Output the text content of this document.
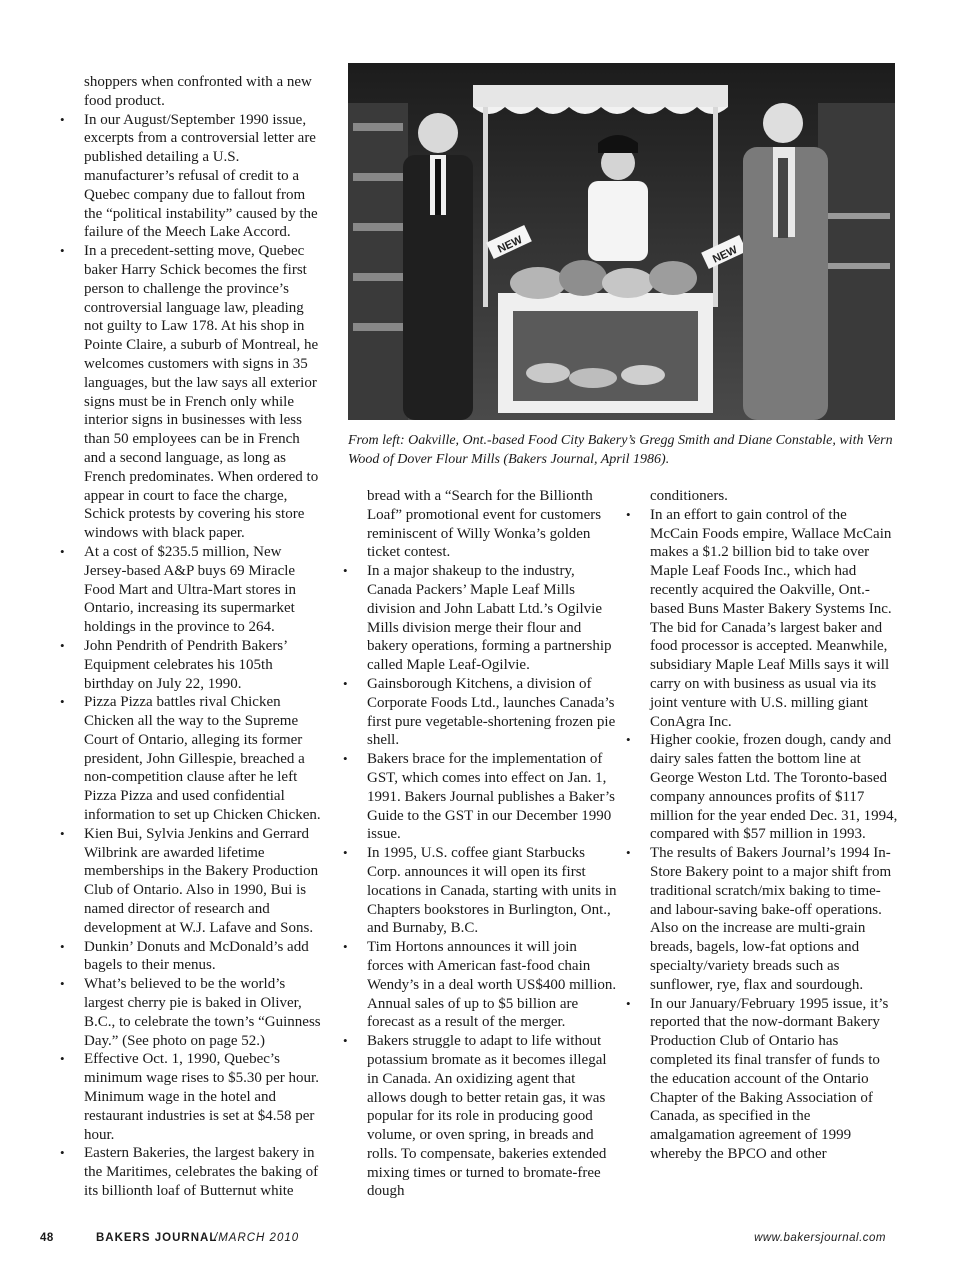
shoppers when confronted with a new food product.

• In our August/September 1990 issue, excerpts from a controversial letter are published detailing a U.S. manufacturer’s refusal of credit to a Quebec company due to fallout from the “political instability” caused by the failure of the Meech Lake Accord.
• In a precedent-setting move, Quebec baker Harry Schick becomes the first person to challenge the province’s controversial language law, pleading not guilty to Law 178. At his shop in Pointe Claire, a suburb of Montreal, he welcomes customers with signs in 35 languages, but the law says all exterior signs must be in French only while interior signs in businesses with less than 50 employees can be in French and a second language, as long as French predominates. When ordered to appear in court to face the charge, Schick protests by covering his store windows with black paper.
• At a cost of $235.5 million, New Jersey-based A&P buys 69 Miracle Food Mart and Ultra-Mart stores in Ontario, increasing its supermarket holdings in the province to 264.
• John Pendrith of Pendrith Bakers’ Equipment celebrates his 105th birthday on July 22, 1990.
• Pizza Pizza battles rival Chicken Chicken all the way to the Supreme Court of Ontario, alleging its former president, John Gillespie, breached a non-competition clause after he left Pizza Pizza and used confidential information to set up Chicken Chicken.
• Kien Bui, Sylvia Jenkins and Gerrard Wilbrink are awarded lifetime memberships in the Bakery Production Club of Ontario. Also in 1990, Bui is named director of research and development at W.J. Lafave and Sons.
• Dunkin’ Donuts and McDonald’s add bagels to their menus.
• What’s believed to be the world’s largest cherry pie is baked in Oliver, B.C., to celebrate the town’s “Guinness Day.” (See photo on page 52.)
• Effective Oct. 1, 1990, Quebec’s minimum wage rises to $5.30 per hour. Minimum wage in the hotel and restaurant industries is set at $4.58 per hour.
• Eastern Bakeries, the largest bakery in the Maritimes, celebrates the baking of its billionth loaf of Butternut white
NEW	NEW
From left: Oakville, Ont.-based Food City Bakery’s Gregg Smith and Diane Constable, with Vern Wood of Dover Flour Mills (Bakers Journal, April 1986).

bread with a “Search for the Billionth Loaf” promotional event for customers reminiscent of Willy Wonka’s golden ticket contest.

• In a major shakeup to the industry, Canada Packers’ Maple Leaf Mills division and John Labatt Ltd.’s Ogilvie Mills division merge their flour and bakery operations, forming a partnership called Maple Leaf-Ogilvie.
• Gainsborough Kitchens, a division of Corporate Foods Ltd., launches Canada’s first pure vegetable-shortening frozen pie shell.
• Bakers brace for the implementation of GST, which comes into effect on Jan. 1, 1991. Bakers Journal publishes a Baker’s Guide to the GST in our December 1990 issue.
• In 1995, U.S. coffee giant Starbucks Corp. announces it will open its first locations in Canada, starting with units in Chapters bookstores in Burlington, Ont., and Burnaby, B.C.
• Tim Hortons announces it will join forces with American fast-food chain Wendy’s in a deal worth US$400 million. Annual sales of up to $5 billion are forecast as a result of the merger.
• Bakers struggle to adapt to life without potassium bromate as it becomes illegal in Canada. An oxidizing agent that allows dough to better retain gas, it was popular for its role in producing good volume, or oven spring, in breads and rolls. To compensate, bakeries extended mixing times or turned to bromate-free dough

conditioners.

• In an effort to gain control of the McCain Foods empire, Wallace McCain makes a $1.2 billion bid to take over Maple Leaf Foods Inc., which had recently acquired the Oakville, Ont.-based Buns Master Bakery Systems Inc. The bid for Canada’s largest baker and food processor is accepted. Meanwhile, subsidiary Maple Leaf Mills says it will carry on with business as usual via its joint venture with U.S. milling giant ConAgra Inc.
• Higher cookie, frozen dough, candy and dairy sales fatten the bottom line at George Weston Ltd. The Toronto-based company announces profits of $117 million for the year ended Dec. 31, 1994, compared with $57 million in 1993.
• The results of Bakers Journal’s 1994 In-Store Bakery point to a major shift from traditional scratch/mix baking to time- and labour-saving bake-off operations. Also on the increase are multi-grain breads, bagels, low-fat options and specialty/variety breads such as sunflower, rye, flax and sourdough.
• In our January/February 1995 issue, it’s reported that the now-dormant Bakery Production Club of Ontario has completed its final transfer of funds to the education account of the Ontario Chapter of the Baking Association of Canada, as specified in the amalgamation agreement of 1999 whereby the BPCO and other
48	BAKERS JOURNAL
/MARCH 2010	www.bakersjournal.com
